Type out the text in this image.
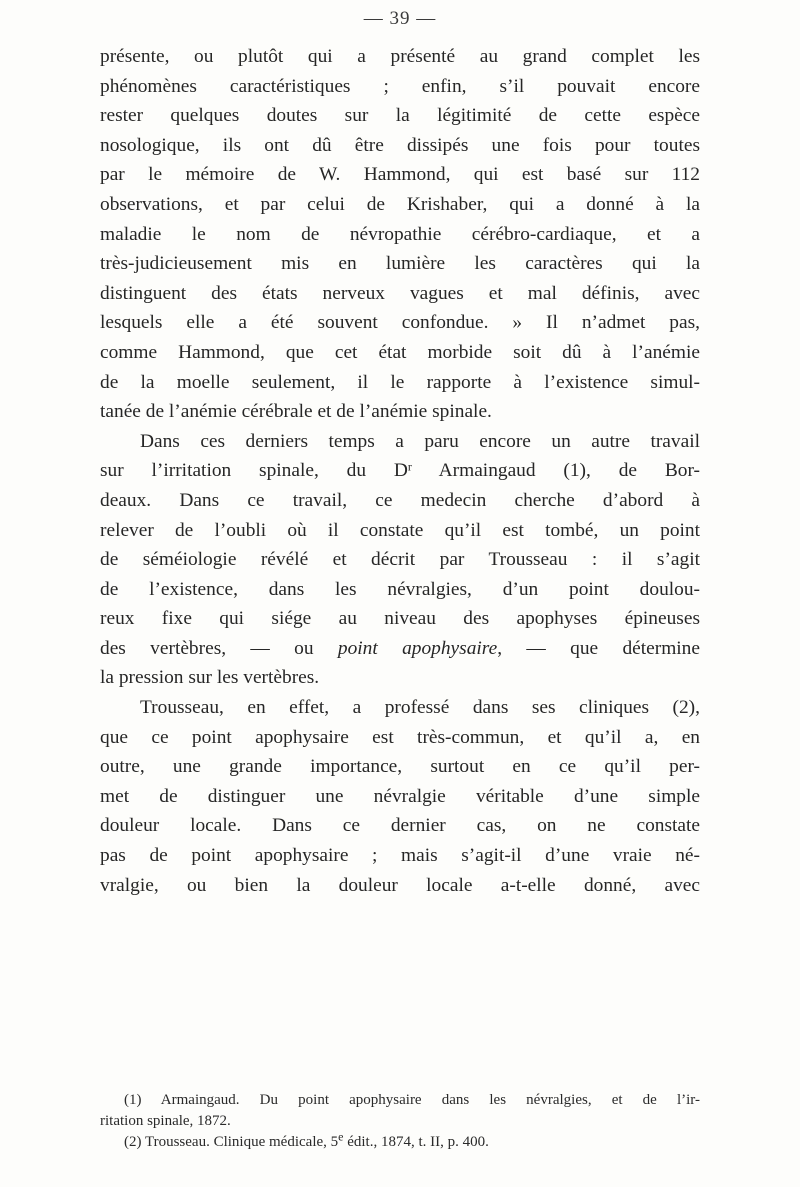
— 39 —
présente, ou plutôt qui a présenté au grand complet les
phénomènes caractéristiques ; enfin, s’il pouvait encore
rester quelques doutes sur la légitimité de cette espèce
nosologique, ils ont dû être dissipés une fois pour toutes
par le mémoire de W. Hammond, qui est basé sur 112
observations, et par celui de Krishaber, qui a donné à la
maladie le nom de névropathie cérébro-cardiaque, et a
très-judicieusement mis en lumière les caractères qui la
distinguent des états nerveux vagues et mal définis, avec
lesquels elle a été souvent confondue. » Il n’admet pas,
comme Hammond, que cet état morbide soit dû à l’anémie
de la moelle seulement, il le rapporte à l’existence simul-
tanée de l’anémie cérébrale et de l’anémie spinale.
Dans ces derniers temps a paru encore un autre travail
sur l’irritation spinale, du $D^r$ Armaingaud (1), de Bor-
deaux. Dans ce travail, ce medecin cherche d’abord à
relever de l’oubli où il constate qu’il est tombé, un point
de séméiologie révélé et décrit par Trousseau : il s’agit
de l’existence, dans les névralgies, d’un point doulou-
reux fixe qui siége au niveau des apophyses épineuses
des vertèbres, — ou point apophysaire, — que détermine
la pression sur les vertèbres.
Trousseau, en effet, a professé dans ses cliniques (2),
que ce point apophysaire est très-commun, et qu’il a, en
outre, une grande importance, surtout en ce qu’il per-
met de distinguer une névralgie véritable d’une simple
douleur locale. Dans ce dernier cas, on ne constate
pas de point apophysaire ; mais s’agit-il d’une vraie né-
vralgie, ou bien la douleur locale a-t-elle donné, avec
(1) Armaingaud. Du point apophysaire dans les névralgies, et de l’ir-
ritation spinale, 1872.
(2) Trousseau. Clinique médicale, 5e édit., 1874, t. II, p. 400.
